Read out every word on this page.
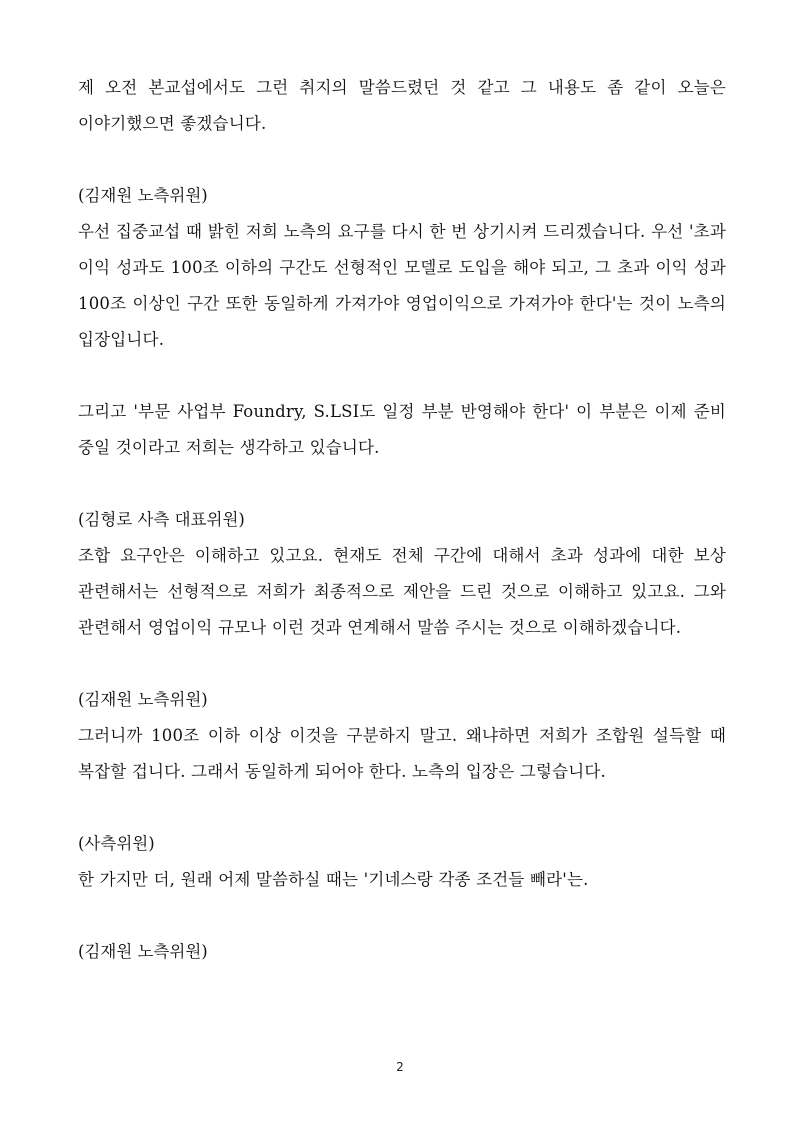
제 오전 본교섭에서도 그런 취지의 말씀드렸던 것 같고 그 내용도 좀 같이 오늘은 이야기했으면 좋겠습니다.

(김재원 노측위원)

우선 집중교섭 때 밝힌 저희 노측의 요구를 다시 한 번 상기시켜 드리겠습니다. 우선 '초과 이익 성과도 100조 이하의 구간도 선형적인 모델로 도입을 해야 되고, 그 초과 이익 성과 100조 이상인 구간 또한 동일하게 가져가야 영업이익으로 가져가야 한다'는 것이 노측의 입장입니다.

그리고 '부문 사업부 Foundry, S.LSI도 일정 부분 반영해야 한다' 이 부분은 이제 준비 중일 것이라고 저희는 생각하고 있습니다.

(김형로 사측 대표위원)

조합 요구안은 이해하고 있고요. 현재도 전체 구간에 대해서 초과 성과에 대한 보상 관련해서는 선형적으로 저희가 최종적으로 제안을 드린 것으로 이해하고 있고요. 그와 관련해서 영업이익 규모나 이런 것과 연계해서 말씀 주시는 것으로 이해하겠습니다.

(김재원 노측위원)

그러니까 100조 이하 이상 이것을 구분하지 말고. 왜냐하면 저희가 조합원 설득할 때 복잡할 겁니다. 그래서 동일하게 되어야 한다. 노측의 입장은 그렇습니다.

(사측위원)

한 가지만 더, 원래 어제 말씀하실 때는 '기네스랑 각종 조건들 빼라'는.

(김재원 노측위원)

2
